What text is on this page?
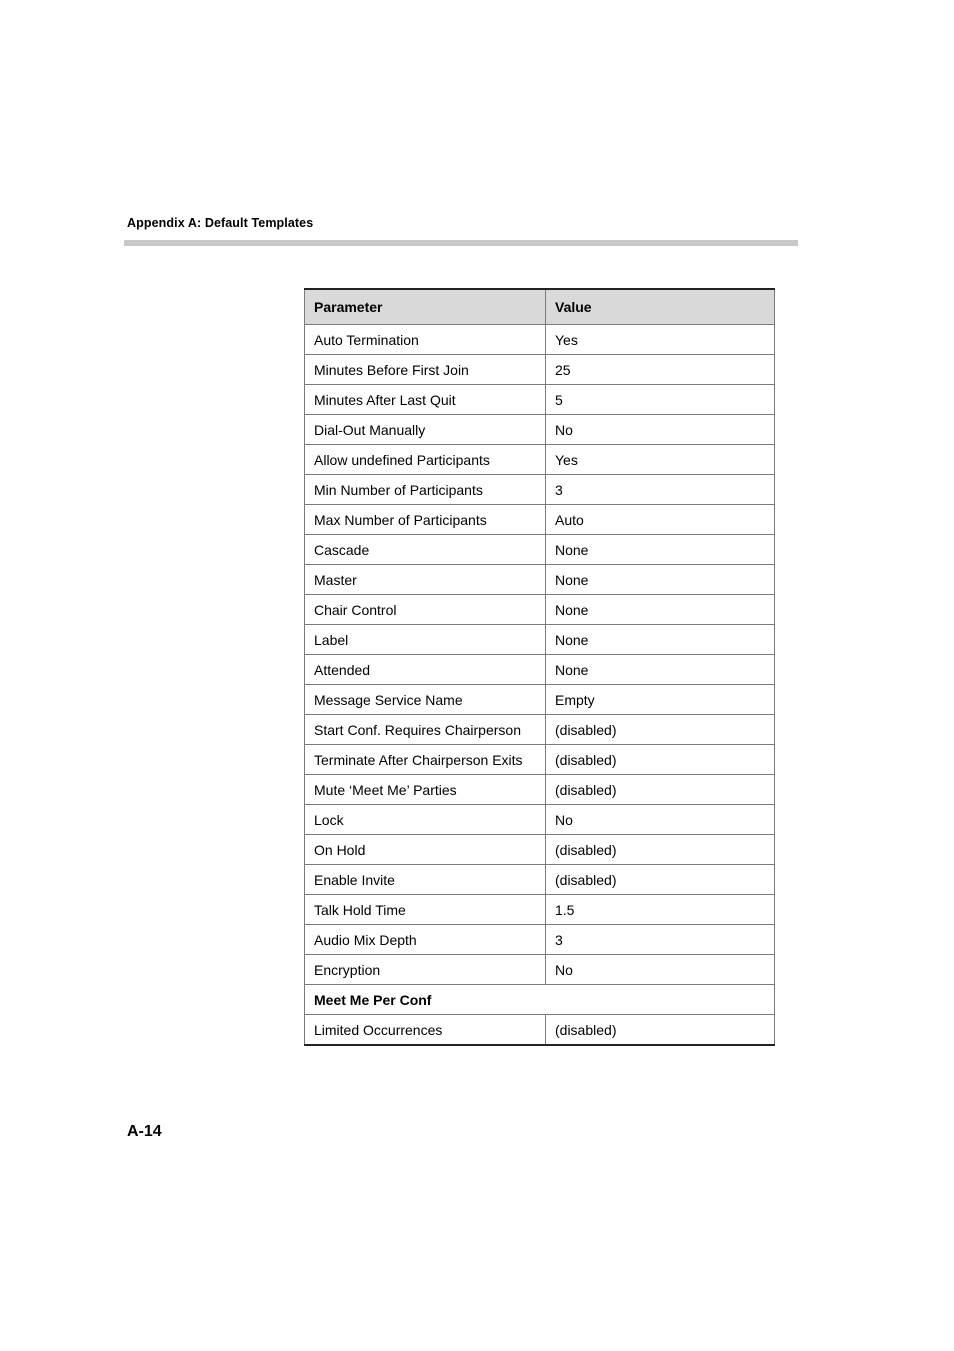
Appendix A: Default Templates
Parameter	Value
Auto Termination	Yes
Minutes Before First Join	25
Minutes After Last Quit	5
Dial-Out Manually	No
Allow undefined Participants	Yes
Min Number of Participants	3
Max Number of Participants	Auto
Cascade	None
Master	None
Chair Control	None
Label	None
Attended	None
Message Service Name	Empty
Start Conf. Requires Chairperson	(disabled)
Terminate After Chairperson Exits	(disabled)
Mute ‘Meet Me’ Parties	(disabled)
Lock	No
On Hold	(disabled)
Enable Invite	(disabled)
Talk Hold Time	1.5
Audio Mix Depth	3
Encryption	No
Meet Me Per Conf	
Limited Occurrences	(disabled)
A-14
